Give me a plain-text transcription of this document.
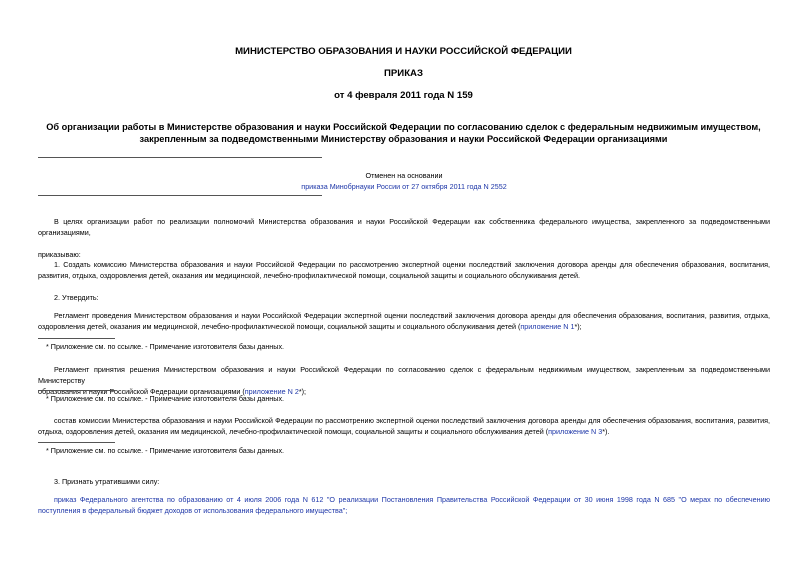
МИНИСТЕРСТВО ОБРАЗОВАНИЯ И НАУКИ РОССИЙСКОЙ ФЕДЕРАЦИИ
ПРИКАЗ
от 4 февраля 2011 года N 159
Об организации работы в Министерстве образования и науки Российской Федерации по согласованию сделок с федеральным недвижимым имуществом,
закрепленным за подведомственными Министерству образования и науки Российской Федерации организациями
Отменен на основании
приказа Минобрнауки России от 27 октября 2011 года N 2552
В целях организации работ по реализации полномочий Министерства образования и науки Российской Федерации как собственника федерального имущества, закрепленного за подведомственными
организациями,
приказываю:
1. Создать комиссию Министерства образования и науки Российской Федерации по рассмотрению экспертной оценки последствий заключения договора аренды для обеспечения образования, воспитания,
развития, отдыха, оздоровления детей, оказания им медицинской, лечебно-профилактической помощи, социальной защиты и социального обслуживания детей.
2. Утвердить:
Регламент проведения Министерством образования и науки Российской Федерации экспертной оценки последствий заключения договора аренды для обеспечения образования, воспитания, развития, отдыха,
оздоровления детей, оказания им медицинской, лечебно-профилактической помощи, социальной защиты и социального обслуживания детей (приложение N 1*);
* Приложение см. по ссылке. - Примечание изготовителя базы данных.
Регламент принятия решения Министерством образования и науки Российской Федерации по согласованию сделок с федеральным недвижимым имуществом, закрепленным за подведомственными Министерству
образования и науки Российской Федерации организациями (приложение N 2*);
* Приложение см. по ссылке. - Примечание изготовителя базы данных.
состав комиссии Министерства образования и науки Российской Федерации по рассмотрению экспертной оценки последствий заключения договора аренды для обеспечения образования, воспитания, развития,
отдыха, оздоровления детей, оказания им медицинской, лечебно-профилактической помощи, социальной защиты и социального обслуживания детей (приложение N 3*).
* Приложение см. по ссылке. - Примечание изготовителя базы данных.
3. Признать утратившими силу:
приказ Федерального агентства по образованию от 4 июля 2006 года N 612 "О реализации Постановления Правительства Российской Федерации от 30 июня 1998 года N 685 "О мерах по обеспечению
поступления в федеральный бюджет доходов от использования федерального имущества";
